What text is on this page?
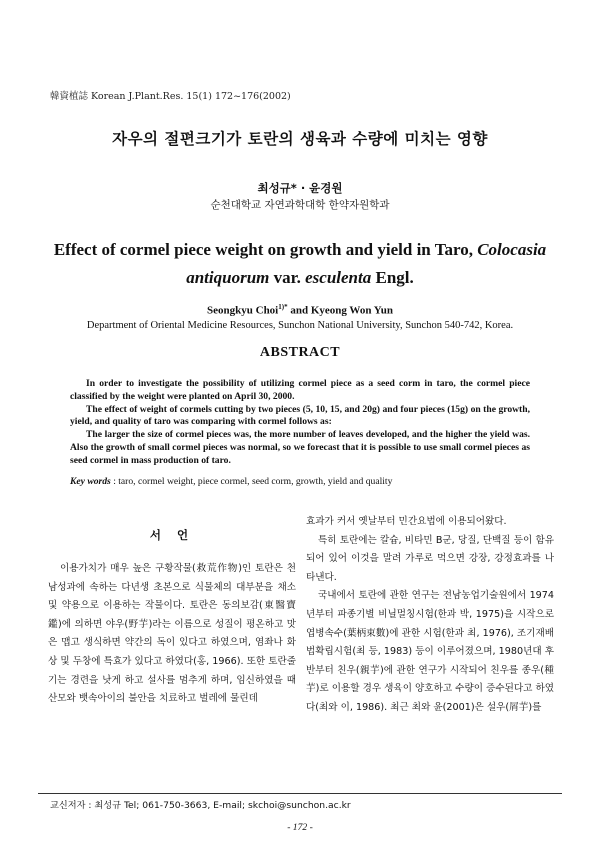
韓資植誌 Korean J.Plant.Res. 15(1) 172~176(2002)
자우의 절편크기가 토란의 생육과 수량에 미치는 영향
최성규* · 윤경원
순천대학교 자연과학대학 한약자원학과
Effect of cormel piece weight on growth and yield in Taro, Colocasia antiquorum var. esculenta Engl.
Seongkyu Choi$^{1)*}$ and Kyeong Won Yun
Department of Oriental Medicine Resources, Sunchon National University, Sunchon 540-742, Korea.
ABSTRACT

In order to investigate the possibility of utilizing cormel piece as a seed corm in taro, the cormel piece classified by the weight were planted on April 30, 2000.

The effect of weight of cormels cutting by two pieces (5, 10, 15, and 20g) and four pieces (15g) on the growth, yield, and quality of taro was comparing with cormel follows as:

The larger the size of cormel pieces was, the more number of leaves developed, and the higher the yield was. Also the growth of small cormel pieces was normal, so we forecast that it is possible to use small cormel pieces as seed cormel in mass production of taro.

Key words : taro, cormel weight, piece cormel, seed corm, growth, yield and quality
서 언

이용가치가 매우 높은 구황작물(救荒作物)인 토란은 천남성과에 속하는 다년생 초본으로 식물체의 대부분을 채소 및 약용으로 이용하는 작물이다. 토란은 동의보감(東醫寶鑑)에 의하면 야우(野芋)라는 이름으로 성질이 평온하고 맛은 맵고 생식하면 약간의 독이 있다고 하였으며, 염좌나 화상 및 두창에 특효가 있다고 하였다(홍, 1966). 또한 토란줄기는 경련을 낫게 하고 설사를 멈추게 하며, 임신하였을 때 산모와 뱃속아이의 불안을 치료하고 벌레에 물린데

효과가 커서 옛날부터 민간요법에 이용되어왔다.

특히 토란에는 칼슘, 비타민 B군, 당질, 단백질 등이 함유되어 있어 이것을 말려 가루로 먹으면 강장, 강정효과를 나타낸다.

국내에서 토란에 관한 연구는 전남농업기술원에서 1974년부터 파종기별 비닐멀칭시험(한과 박, 1975)을 시작으로 엽병속수(葉柄束數)에 관한 시험(한과 최, 1976), 조기재배법확립시험(최 등, 1983) 등이 이루어졌으며, 1980년대 후반부터 친우(親芋)에 관한 연구가 시작되어 친우를 종우(種芋)로 이용할 경우 생육이 양호하고 수량이 증수된다고 하였다(최와 이, 1986). 최근 최와 윤(2001)은 설우(屑芋)를

교신저자 : 최성규 Tel; 061-750-3663, E-mail; skchoi@sunchon.ac.kr
- 172 -
